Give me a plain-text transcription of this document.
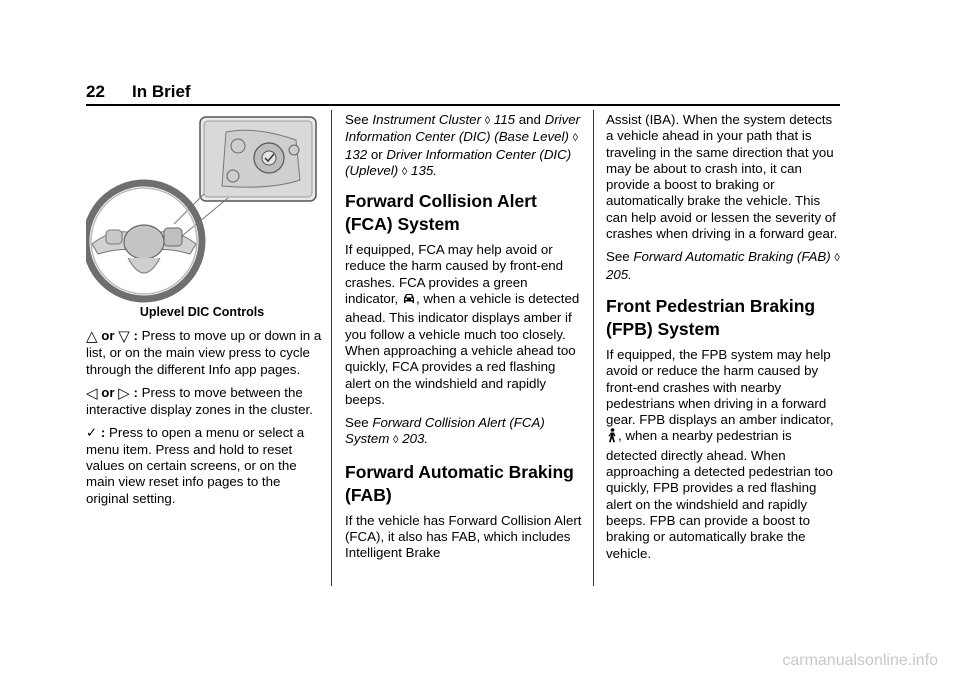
22 In Brief
Uplevel DIC Controls

△ or ▽ : Press to move up or down in a list, or on the main view press to cycle through the different Info app pages.

◁ or ▷ : Press to move between the interactive display zones in the cluster.

✓ : Press to open a menu or select a menu item. Press and hold to reset values on certain screens, or on the main view reset info pages to the original setting.

See Instrument Cluster ◊ 115 and Driver Information Center (DIC) (Base Level) ◊ 132 or Driver Information Center (DIC) (Uplevel) ◊ 135.

Forward Collision Alert (FCA) System

If equipped, FCA may help avoid or reduce the harm caused by front-end crashes. FCA provides a green indicator, , when a vehicle is detected ahead. This indicator displays amber if you follow a vehicle much too closely. When approaching a vehicle ahead too quickly, FCA provides a red flashing alert on the windshield and rapidly beeps.

See Forward Collision Alert (FCA) System ◊ 203.

Forward Automatic Braking (FAB)

If the vehicle has Forward Collision Alert (FCA), it also has FAB, which includes Intelligent Brake

Assist (IBA). When the system detects a vehicle ahead in your path that is traveling in the same direction that you may be about to crash into, it can provide a boost to braking or automatically brake the vehicle. This can help avoid or lessen the severity of crashes when driving in a forward gear.

See Forward Automatic Braking (FAB) ◊ 205.

Front Pedestrian Braking (FPB) System

If equipped, the FPB system may help avoid or reduce the harm caused by front-end crashes with nearby pedestrians when driving in a forward gear. FPB displays an amber indicator, , when a nearby pedestrian is detected directly ahead. When approaching a detected pedestrian too quickly, FPB provides a red flashing alert on the windshield and rapidly beeps. FPB can provide a boost to braking or automatically brake the vehicle.

carmanualsonline.info
